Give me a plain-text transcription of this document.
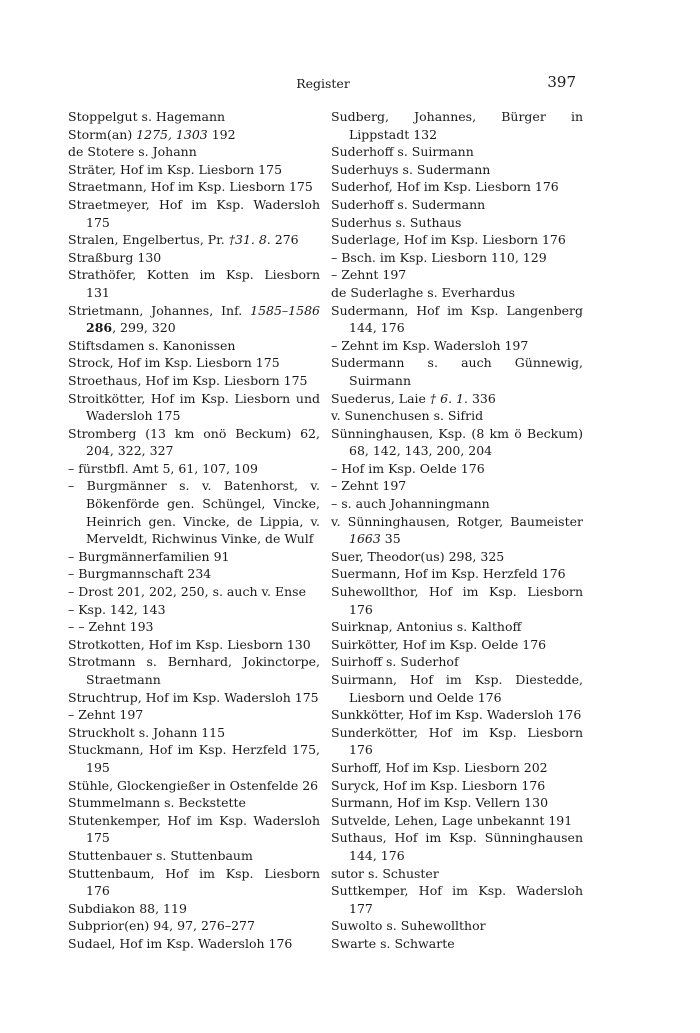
Register	397
Stoppelgut s. Hagemann
Storm(an) 1275, 1303 192
de Stotere s. Johann
Sträter, Hof im Ksp. Liesborn 175
Straetmann, Hof im Ksp. Liesborn 175
Straetmeyer, Hof im Ksp. Wadersloh 175
Stralen, Engelbertus, Pr. †31. 8. 276
Straßburg 130
Strathöfer, Kotten im Ksp. Liesborn 131
Strietmann, Johannes, Inf. 1585–1586 286, 299, 320
Stiftsdamen s. Kanonissen
Strock, Hof im Ksp. Liesborn 175
Stroethaus, Hof im Ksp. Liesborn 175
Stroitkötter, Hof im Ksp. Liesborn und Wadersloh 175
Stromberg (13 km onö Beckum) 62, 204, 322, 327
– fürstbfl. Amt 5, 61, 107, 109
– Burgmänner s. v. Batenhorst, v. Bökenförde gen. Schüngel, Vincke, Heinrich gen. Vincke, de Lippia, v. Merveldt, Richwinus Vinke, de Wulf
– Burgmännerfamilien 91
– Burgmannschaft 234
– Drost 201, 202, 250, s. auch v. Ense
– Ksp. 142, 143
– – Zehnt 193
Strotkotten, Hof im Ksp. Liesborn 130
Strotmann s. Bernhard, Jokinctorpe, Straetmann
Struchtrup, Hof im Ksp. Wadersloh 175
– Zehnt 197
Struckholt s. Johann 115
Stuckmann, Hof im Ksp. Herzfeld 175, 195
Stühle, Glockengießer in Ostenfelde 26
Stummelmann s. Beckstette
Stutenkemper, Hof im Ksp. Wadersloh 175
Stuttenbauer s. Stuttenbaum
Stuttenbaum, Hof im Ksp. Liesborn 176
Subdiakon 88, 119
Subprior(en) 94, 97, 276–277
Sudael, Hof im Ksp. Wadersloh 176
Sudberg, Johannes, Bürger in Lippstadt 132
Suderhoff s. Suirmann
Suderhuys s. Sudermann
Suderhof, Hof im Ksp. Liesborn 176
Suderhoff s. Sudermann
Suderhus s. Suthaus
Suderlage, Hof im Ksp. Liesborn 176
– Bsch. im Ksp. Liesborn 110, 129
– Zehnt 197
de Suderlaghe s. Everhardus
Sudermann, Hof im Ksp. Langenberg 144, 176
– Zehnt im Ksp. Wadersloh 197
Sudermann s. auch Günnewig, Suirmann
Suederus, Laie † 6. 1. 336
v. Sunenchusen s. Sifrid
Sünninghausen, Ksp. (8 km ö Beckum) 68, 142, 143, 200, 204
– Hof im Ksp. Oelde 176
– Zehnt 197
– s. auch Johanningmann
v. Sünninghausen, Rotger, Baumeister 1663 35
Suer, Theodor(us) 298, 325
Suermann, Hof im Ksp. Herzfeld 176
Suhewollthor, Hof im Ksp. Liesborn 176
Suirknap, Antonius s. Kalthoff
Suirkötter, Hof im Ksp. Oelde 176
Suirhoff s. Suderhof
Suirmann, Hof im Ksp. Diestedde, Liesborn und Oelde 176
Sunkkötter, Hof im Ksp. Wadersloh 176
Sunderkötter, Hof im Ksp. Liesborn 176
Surhoff, Hof im Ksp. Liesborn 202
Suryck, Hof im Ksp. Liesborn 176
Surmann, Hof im Ksp. Vellern 130
Sutvelde, Lehen, Lage unbekannt 191
Suthaus, Hof im Ksp. Sünninghausen 144, 176
sutor s. Schuster
Suttkemper, Hof im Ksp. Wadersloh 177
Suwolto s. Suhewollthor
Swarte s. Schwarte
